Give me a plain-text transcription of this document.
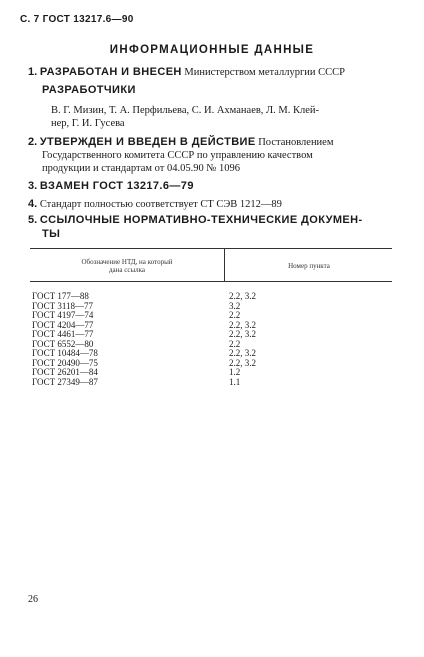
С. 7 ГОСТ 13217.6—90
ИНФОРМАЦИОННЫЕ ДАННЫЕ
1. РАЗРАБОТАН И ВНЕСЕН Министерством металлургии СССР
РАЗРАБОТЧИКИ
В. Г. Мизин, Т. А. Перфильева, С. И. Ахманаев, Л. М. Клей-
нер, Г. И. Гусева
2. УТВЕРЖДЕН И ВВЕДЕН В ДЕЙСТВИЕ Постановлением
Государственного комитета СССР по управлению качеством
продукции и стандартам от 04.05.90 № 1096
3. ВЗАМЕН ГОСТ 13217.6—79
4. Стандарт полностью соответствует СТ СЭВ 1212—89
5. ССЫЛОЧНЫЕ НОРМАТИВНО-ТЕХНИЧЕСКИЕ ДОКУМЕН-
ТЫ
Обозначение НТД, на который
дана ссылка	Номер пункта
ГОСТ 177—88	2.2, 3.2
ГОСТ 3118—77	3.2
ГОСТ 4197—74	2.2
ГОСТ 4204—77	2.2, 3.2
ГОСТ 4461—77	2.2, 3.2
ГОСТ 6552—80	2.2
ГОСТ 10484—78	2.2, 3.2
ГОСТ 20490—75	2.2, 3.2
ГОСТ 26201—84	1.2
ГОСТ 27349—87	1.1
26
